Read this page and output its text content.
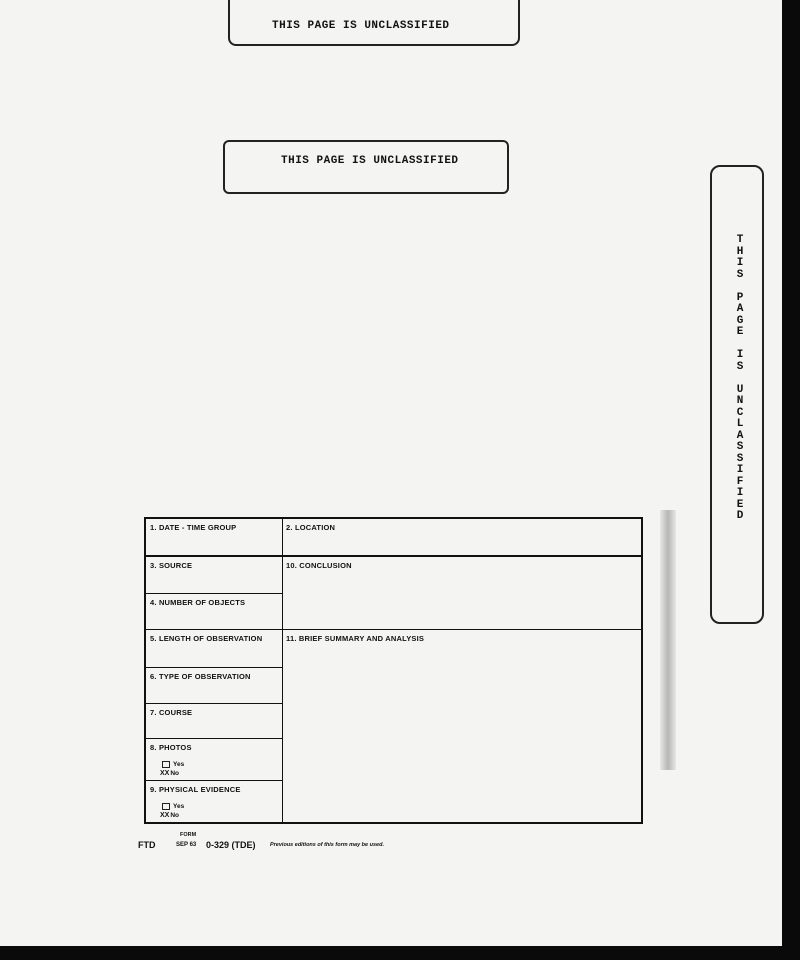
THIS PAGE IS UNCLASSIFIED
THIS PAGE IS UNCLASSIFIED
T
H
I
S

P
A
G
E

I
S

U
N
C
L
A
S
S
I
F
I
E
D
1. DATE - TIME GROUP	2. LOCATION
3. SOURCE	10. CONCLUSION
4. NUMBER OF OBJECTS
5. LENGTH OF OBSERVATION	11. BRIEF SUMMARY AND ANALYSIS
6. TYPE OF OBSERVATION
7. COURSE
8. PHOTOS
Yes
XXNo
9. PHYSICAL EVIDENCE
Yes
XXNo
FORM
FTD	SEP 63 0-329 (TDE)	Previous editions of this form may be used.
